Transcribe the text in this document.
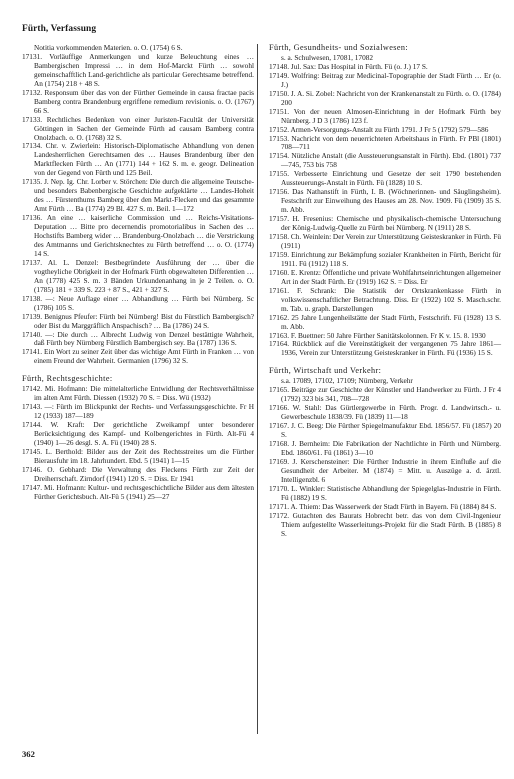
Fürth, Verfassung

Notitia vorkommenden Materien. o. O. (1754) 6 S.

17131. Vorläuffige Anmerkungen und kurze Beleuchtung eines … Bambergischen Impressi … in dem Hof-Marckt Fürth … sowohl gemeinschafftlich Land-gerichtliche als particular Gerechtsame betreffend. An (1754) 218 + 48 S.

17132. Responsum über das von der Fürther Gemeinde in causa fractae pacis Bamberg contra Brandenburg ergriffene remedium revisionis. o. O. (1767) 66 S.

17133. Rechtliches Bedenken von einer Juristen-Facultät der Universität Göttingen in Sachen der Gemeinde Fürth ad causam Bamberg contra Onolzbach. o. O. (1768) 32 S.

17134. Chr. v. Zwierlein: Historisch-Diplomatische Abhandlung von denen Landesherrlichen Gerechtsamen des … Hauses Brandenburg über den Marktflecken Fürth … An (1771) 144 + 162 S. m. e. geogr. Delineation von der Gegend von Fürth und 125 Beil.

17135. J. Nep. Ig. Chr. Lorber v. Störchen: Die durch die allgemeine Teutsche- und besonders Babenbergische Geschichte aufgeklärte … Landes-Hoheit des … Fürstenthums Bamberg über den Markt-Flecken und das gesammte Amt Fürth … Ba (1774) 29 Bl. 427 S. m. Beil. 1—172

17136. An eine … kaiserliche Commission und … Reichs-Visitations-Deputation … Bitte pro decernendis promotorialibus in Sachen des … Hochstifts Bamberg wider … Brandenburg-Onolzbach … die Verstrickung des Amtmanns und Gerichtsknechtes zu Fürth betreffend … o. O. (1774) 14 S.

17137. Al. L. Denzel: Bestbegründete Ausführung der … über die vogtheyliche Obrigkeit in der Hofmark Fürth obgewalteten Differentien … An (1778) 425 S. m. 3 Bänden Urkundenanhang in je 2 Teilen. o. O. (1785) 181 + 339 S. 223 + 87 S., 421 + 327 S.

17138. —: Neue Auflage einer … Abhandlung … Fürth bei Nürnberg. Sc (1786) 105 S.

17139. Benignus Pfeufer: Fürth bei Nürnberg! Bist du Fürstlich Bambergisch? oder Bist du Marggräflich Anspachisch? … Ba (1786) 24 S.

17140. —: Die durch … Albrecht Ludwig von Denzel bestättigte Wahrheit, daß Fürth bey Nürnberg Fürstlich Bambergisch sey. Ba (1787) 136 S.

17141. Ein Wort zu seiner Zeit über das wichtige Amt Fürth in Franken … von einem Freund der Wahrheit. Germanien (1796) 32 S.

Fürth, Rechtsgeschichte:

17142. Mi. Hofmann: Die mittelalterliche Entwidlung der Rechtsverhältnisse im alten Amt Fürth. Diessen (1932) 70 S. = Diss. Wü (1932)

17143. —: Fürth im Blickpunkt der Rechts- und Verfassungsgeschichte. Fr H 12 (1933) 187—189

17144. W. Kraft: Der gerichtliche Zweikampf unter besonderer Berücksichtigung des Kampf- und Kolbengerichtes in Fürth. Alt-Fü 4 (1940) 1—26 desgl. S. A. Fü (1940) 28 S.

17145. L. Berthold: Bilder aus der Zeit des Rechtsstreites um die Fürther Bierausfuhr im 18. Jahrhundert. Ebd. 5 (1941) 1—15

17146. O. Gebhard: Die Verwaltung des Fleckens Fürth zur Zeit der Dreiherrschaft. Zirndorf (1941) 120 S. = Diss. Er 1941

17147. Mi. Hofmann: Kultur- und rechtsgeschichtliche Bilder aus dem ältesten Fürther Gerichtsbuch. Alt-Fü 5 (1941) 25—27

Fürth, Gesundheits- und Sozialwesen:
s. a. Schulwesen, 17081, 17082

17148. Jul. Sax: Das Hospital in Fürth. Fü (o. J.) 17 S.

17149. Wolfring: Beitrag zur Medicinal-Topographie der Stadt Fürth … Er (o. J.)

17150. J. A. Si. Zobel: Nachricht von der Krankenanstalt zu Fürth. o. O. (1784) 200

17151. Von der neuen Almosen-Einrichtung in der Hofmark Fürth bey Nürnberg. J D 3 (1786) 123 f.

17152. Armen-Versorgungs-Anstalt zu Fürth 1791. J Fr 5 (1792) 579—586

17153. Nachricht von dem neuerrichteten Arbeitshaus in Fürth. Fr PBl (1801) 708—711

17154. Nützliche Anstalt (die Aussteuerungsanstalt in Fürth). Ebd. (1801) 737—745, 753 bis 758

17155. Verbesserte Einrichtung und Gesetze der seit 1790 bestehenden Aussteuerungs-Anstalt in Fürth. Fü (1828) 10 S.

17156. Das Nathanstift in Fürth, I. B. (Wöchnerinnen- und Säuglingsheim). Festschrift zur Einweihung des Hauses am 28. Nov. 1909. Fü (1909) 35 S. m. Abb.

17157. H. Fresenius: Chemische und physikalisch-chemische Untersuchung der König-Ludwig-Quelle zu Fürth bei Nürnberg. N (1911) 28 S.

17158. Ch. Weinlein: Der Verein zur Unterstützung Geisteskranker in Fürth. Fü (1911)

17159. Einrichtung zur Bekämpfung sozialer Krankheiten in Fürth, Bericht für 1911. Fü (1912) 118 S.

17160. E. Krentz: Öffentliche und private Wohlfahrtseinrichtungen allgemeiner Art in der Stadt Fürth. Er (1919) 162 S. = Diss. Er

17161. F. Schrank: Die Statistik der Ortskrankenkasse Fürth in volkswissenschaftlicher Betrachtung. Diss. Er (1922) 102 S. Masch.schr. m. Tab. u. graph. Darstellungen

17162. 25 Jahre Lungenheilstätte der Stadt Fürth, Festschrift. Fü (1928) 13 S. m. Abb.

17163. F. Buettner: 50 Jahre Fürther Sanitätskolonnen. Fr K v. 15. 8. 1930

17164. Rückblick auf die Vereinstätigkeit der vergangenen 75 Jahre 1861—1936, Verein zur Unterstützung Geisteskranker in Fürth. Fü (1936) 15 S.

Fürth, Wirtschaft und Verkehr:
s.a. 17089, 17102, 17109; Nürnberg, Verkehr

17165. Beiträge zur Geschichte der Künstler und Handwerker zu Fürth. J Fr 4 (1792) 323 bis 341, 708—728

17166. W. Stahl: Das Gürtlergewerbe in Fürth. Progr. d. Landwirtsch.- u. Gewerbeschule 1838/39. Fü (1839) 11—18

17167. J. C. Beeg: Die Fürther Spiegelmanufaktur Ebd. 1856/57. Fü (1857) 20 S.

17168. J. Bernheim: Die Fabrikation der Nachtlichte in Fürth und Nürnberg. Ebd. 1860/61. Fü (1861) 3—10

17169. J. Kerschensteiner: Die Fürther Industrie in ihrem Einfluße auf die Gesundheit der Arbeiter. M (1874) = Mitt. u. Auszüge a. d. ärztl. Intelligenzbl. 6

17170. L. Winkler: Statistische Abhandlung der Spiegelglas-Industrie in Fürth. Fü (1882) 19 S.

17171. A. Thiem: Das Wasserwerk der Stadt Fürth in Bayern. Fü (1884) 84 S.

17172. Gutachten des Baurats Hobrecht betr. das von dem Civil-Ingenieur Thiem aufgestellte Wasserleitungs-Projekt für die Stadt Fürth. B (1885) 8 S.

362
